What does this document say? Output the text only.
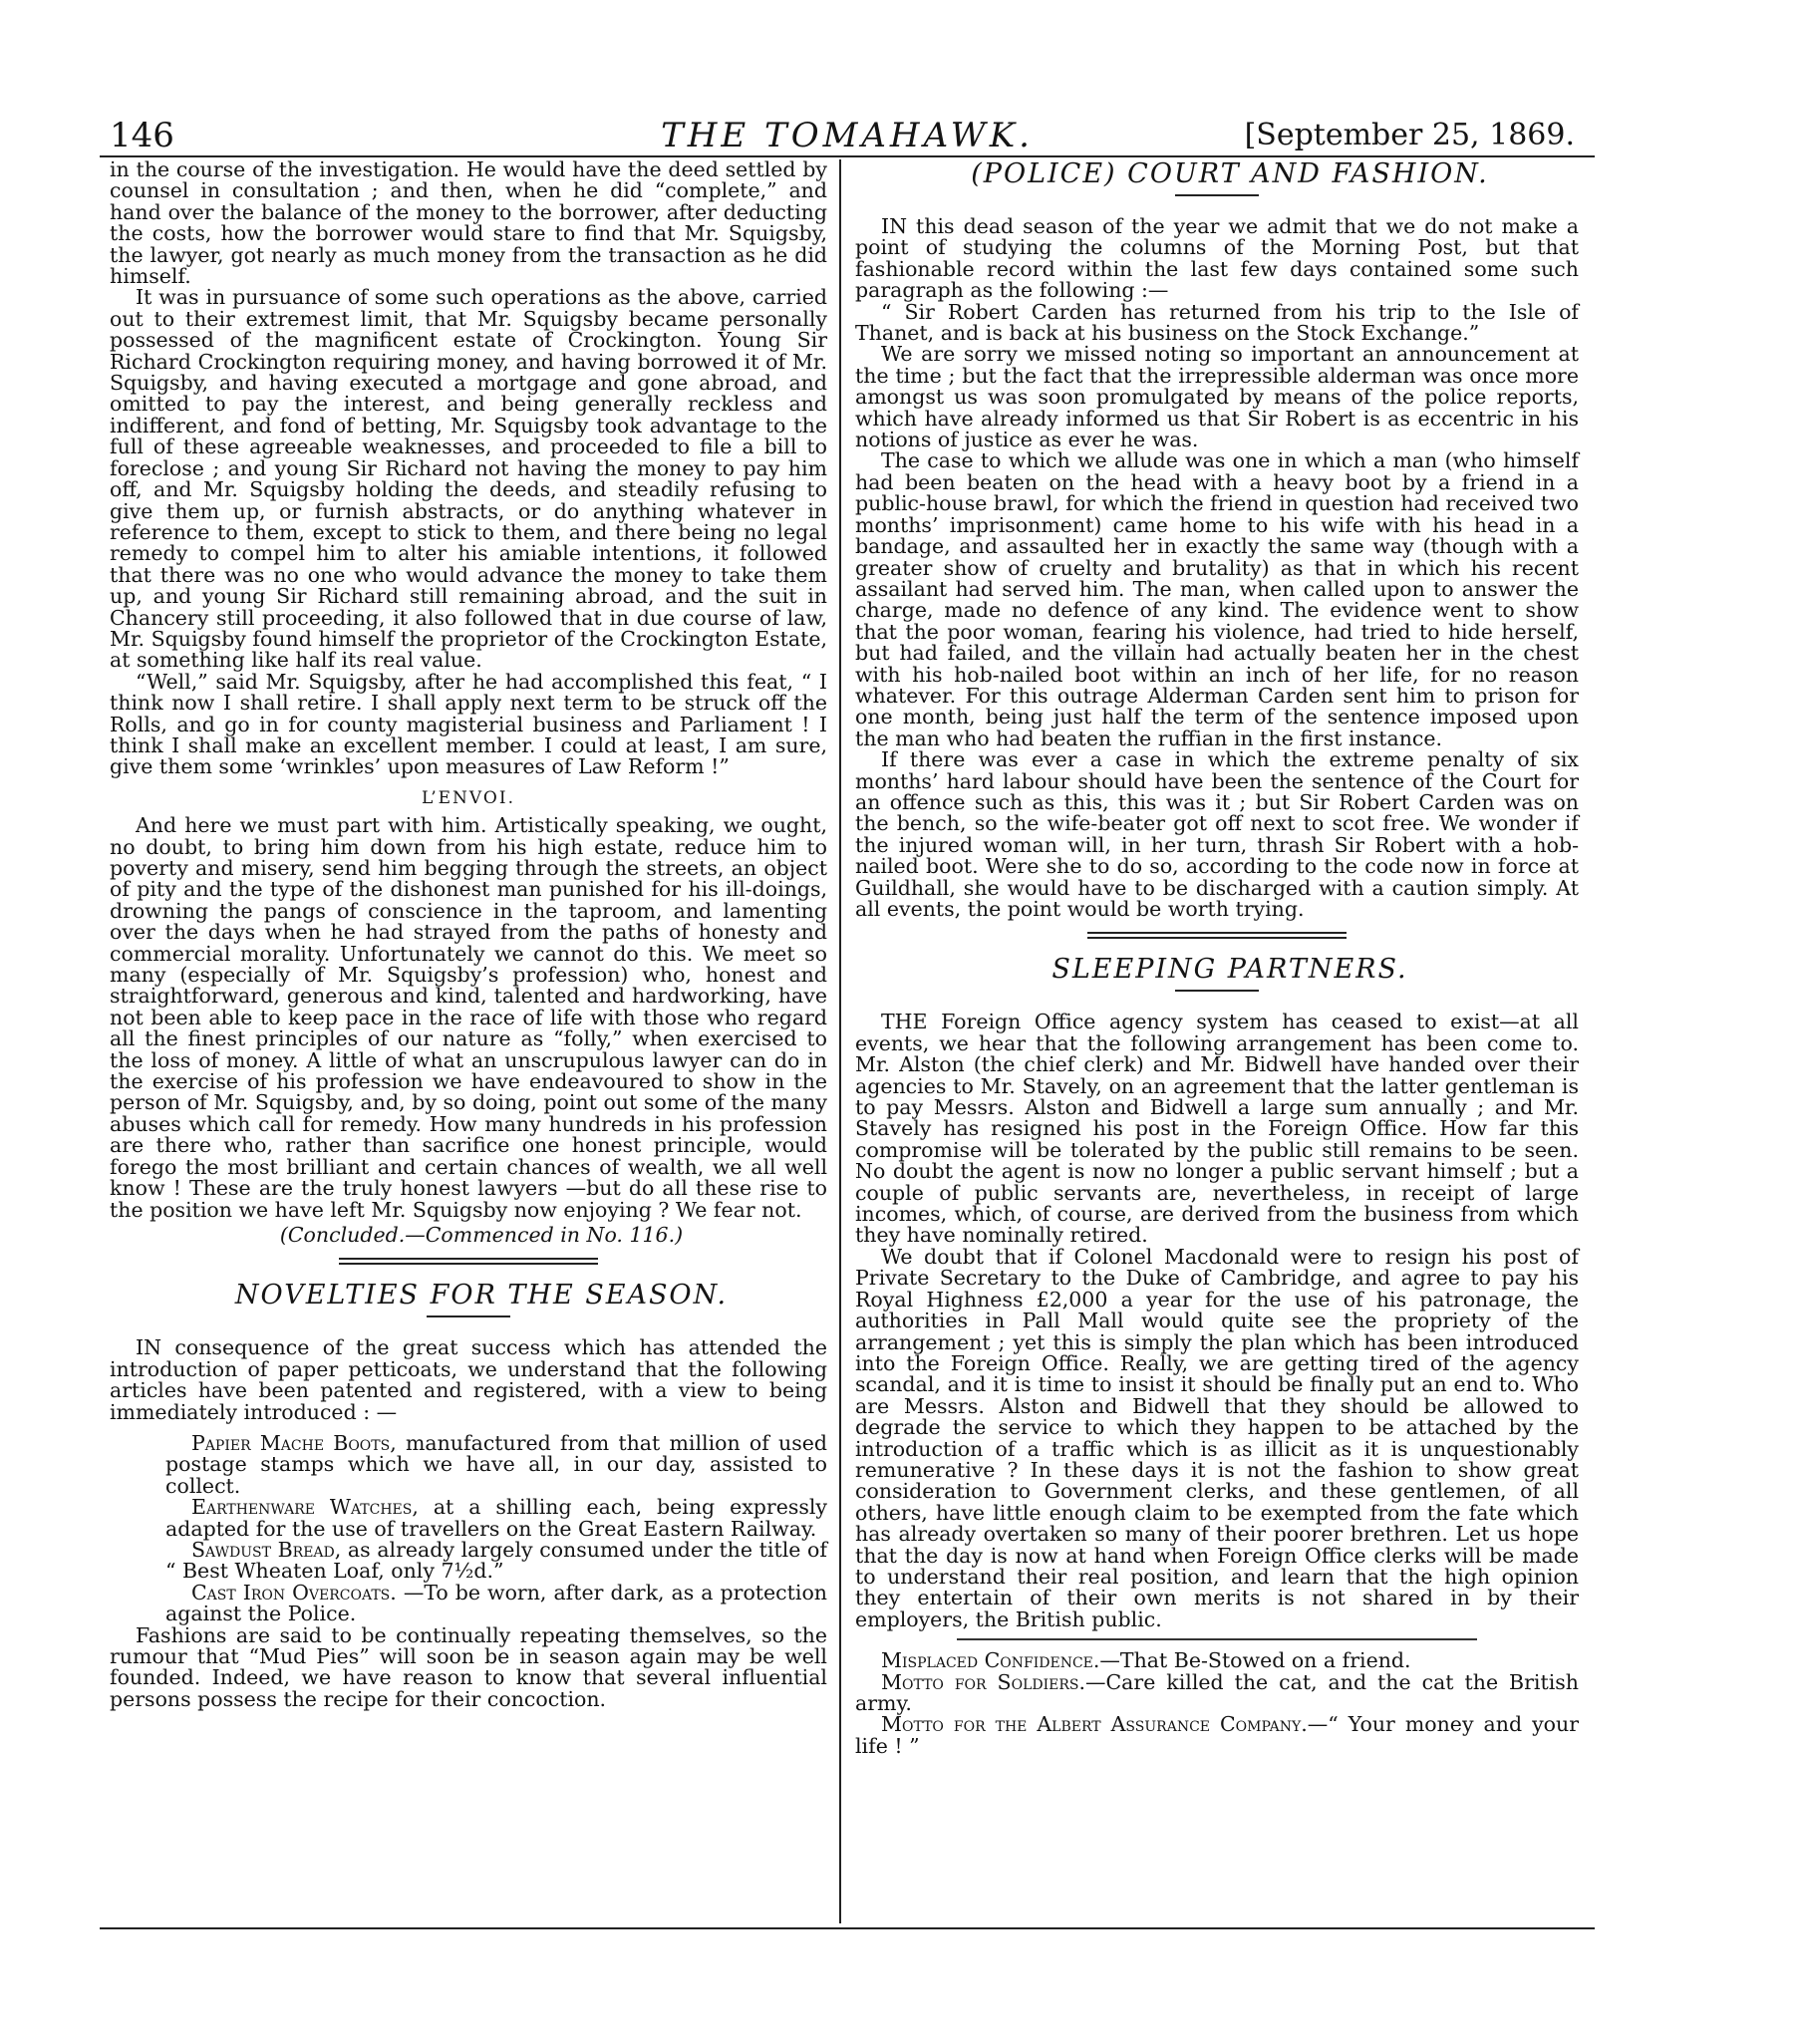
146	THE TOMAHAWK.	[September 25, 1869.

in the course of the investigation. He would have the deed settled by counsel in consultation ; and then, when he did “complete,” and hand over the balance of the money to the borrower, after deducting the costs, how the borrower would stare to find that Mr. Squigsby, the lawyer, got nearly as much money from the transaction as he did himself.

It was in pursuance of some such operations as the above, carried out to their extremest limit, that Mr. Squigsby became personally possessed of the magnificent estate of Crockington. Young Sir Richard Crockington requiring money, and having borrowed it of Mr. Squigsby, and having executed a mortgage and gone abroad, and omitted to pay the interest, and being generally reckless and indifferent, and fond of betting, Mr. Squigsby took advantage to the full of these agreeable weaknesses, and proceeded to file a bill to foreclose ; and young Sir Richard not having the money to pay him off, and Mr. Squigsby holding the deeds, and steadily refusing to give them up, or furnish abstracts, or do anything whatever in reference to them, except to stick to them, and there being no legal remedy to compel him to alter his amiable intentions, it followed that there was no one who would advance the money to take them up, and young Sir Richard still remaining abroad, and the suit in Chancery still proceeding, it also followed that in due course of law, Mr. Squigsby found himself the proprietor of the Crockington Estate, at something like half its real value.

“Well,” said Mr. Squigsby, after he had accomplished this feat, “ I think now I shall retire. I shall apply next term to be struck off the Rolls, and go in for county magisterial business and Parliament ! I think I shall make an excellent member. I could at least, I am sure, give them some ‘wrinkles’ upon measures of Law Reform !”

L’ENVOI.

And here we must part with him. Artistically speaking, we ought, no doubt, to bring him down from his high estate, reduce him to poverty and misery, send him begging through the streets, an object of pity and the type of the dishonest man punished for his ill-doings, drowning the pangs of conscience in the taproom, and lamenting over the days when he had strayed from the paths of honesty and commercial morality. Unfortunately we cannot do this. We meet so many (especially of Mr. Squigsby’s profession) who, honest and straightforward, generous and kind, talented and hardworking, have not been able to keep pace in the race of life with those who regard all the finest principles of our nature as “folly,” when exercised to the loss of money. A little of what an unscrupulous lawyer can do in the exercise of his profession we have endeavoured to show in the person of Mr. Squigsby, and, by so doing, point out some of the many abuses which call for remedy. How many hundreds in his profession are there who, rather than sacrifice one honest principle, would forego the most brilliant and certain chances of wealth, we all well know ! These are the truly honest lawyers —but do all these rise to the position we have left Mr. Squigsby now enjoying ? We fear not.

(Concluded.—Commenced in No. 116.)

NOVELTIES FOR THE SEASON.

IN consequence of the great success which has attended the introduction of paper petticoats, we understand that the following articles have been patented and registered, with a view to being immediately introduced : —

Papier Mache Boots, manufactured from that million of used postage stamps which we have all, in our day, assisted to collect.

Earthenware Watches, at a shilling each, being expressly adapted for the use of travellers on the Great Eastern Railway.

Sawdust Bread, as already largely consumed under the title of “ Best Wheaten Loaf, only 7½d.”

Cast Iron Overcoats. —To be worn, after dark, as a protection against the Police.

Fashions are said to be continually repeating themselves, so the rumour that “Mud Pies” will soon be in season again may be well founded. Indeed, we have reason to know that several influential persons possess the recipe for their concoction.

(POLICE) COURT AND FASHION.

IN this dead season of the year we admit that we do not make a point of studying the columns of the Morning Post, but that fashionable record within the last few days contained some such paragraph as the following :—

“ Sir Robert Carden has returned from his trip to the Isle of Thanet, and is back at his business on the Stock Exchange.”

We are sorry we missed noting so important an announcement at the time ; but the fact that the irrepressible alderman was once more amongst us was soon promulgated by means of the police reports, which have already informed us that Sir Robert is as eccentric in his notions of justice as ever he was.

The case to which we allude was one in which a man (who himself had been beaten on the head with a heavy boot by a friend in a public-house brawl, for which the friend in question had received two months’ imprisonment) came home to his wife with his head in a bandage, and assaulted her in exactly the same way (though with a greater show of cruelty and brutality) as that in which his recent assailant had served him. The man, when called upon to answer the charge, made no defence of any kind. The evidence went to show that the poor woman, fearing his violence, had tried to hide herself, but had failed, and the villain had actually beaten her in the chest with his hob-nailed boot within an inch of her life, for no reason whatever. For this outrage Alderman Carden sent him to prison for one month, being just half the term of the sentence imposed upon the man who had beaten the ruffian in the first instance.

If there was ever a case in which the extreme penalty of six months’ hard labour should have been the sentence of the Court for an offence such as this, this was it ; but Sir Robert Carden was on the bench, so the wife-beater got off next to scot free. We wonder if the injured woman will, in her turn, thrash Sir Robert with a hob-nailed boot. Were she to do so, according to the code now in force at Guildhall, she would have to be discharged with a caution simply. At all events, the point would be worth trying.

SLEEPING PARTNERS.

THE Foreign Office agency system has ceased to exist—at all events, we hear that the following arrangement has been come to. Mr. Alston (the chief clerk) and Mr. Bidwell have handed over their agencies to Mr. Stavely, on an agreement that the latter gentleman is to pay Messrs. Alston and Bidwell a large sum annually ; and Mr. Stavely has resigned his post in the Foreign Office. How far this compromise will be tolerated by the public still remains to be seen. No doubt the agent is now no longer a public servant himself ; but a couple of public servants are, nevertheless, in receipt of large incomes, which, of course, are derived from the business from which they have nominally retired.

We doubt that if Colonel Macdonald were to resign his post of Private Secretary to the Duke of Cambridge, and agree to pay his Royal Highness £2,000 a year for the use of his patronage, the authorities in Pall Mall would quite see the propriety of the arrangement ; yet this is simply the plan which has been introduced into the Foreign Office. Really, we are getting tired of the agency scandal, and it is time to insist it should be finally put an end to. Who are Messrs. Alston and Bidwell that they should be allowed to degrade the service to which they happen to be attached by the introduction of a traffic which is as illicit as it is unquestionably remunerative ? In these days it is not the fashion to show great consideration to Government clerks, and these gentlemen, of all others, have little enough claim to be exempted from the fate which has already overtaken so many of their poorer brethren. Let us hope that the day is now at hand when Foreign Office clerks will be made to understand their real position, and learn that the high opinion they entertain of their own merits is not shared in by their employers, the British public.

Misplaced Confidence.—That Be-Stowed on a friend.

Motto for Soldiers.—Care killed the cat, and the cat the British army.

Motto for the Albert Assurance Company.—“ Your money and your life ! ”
